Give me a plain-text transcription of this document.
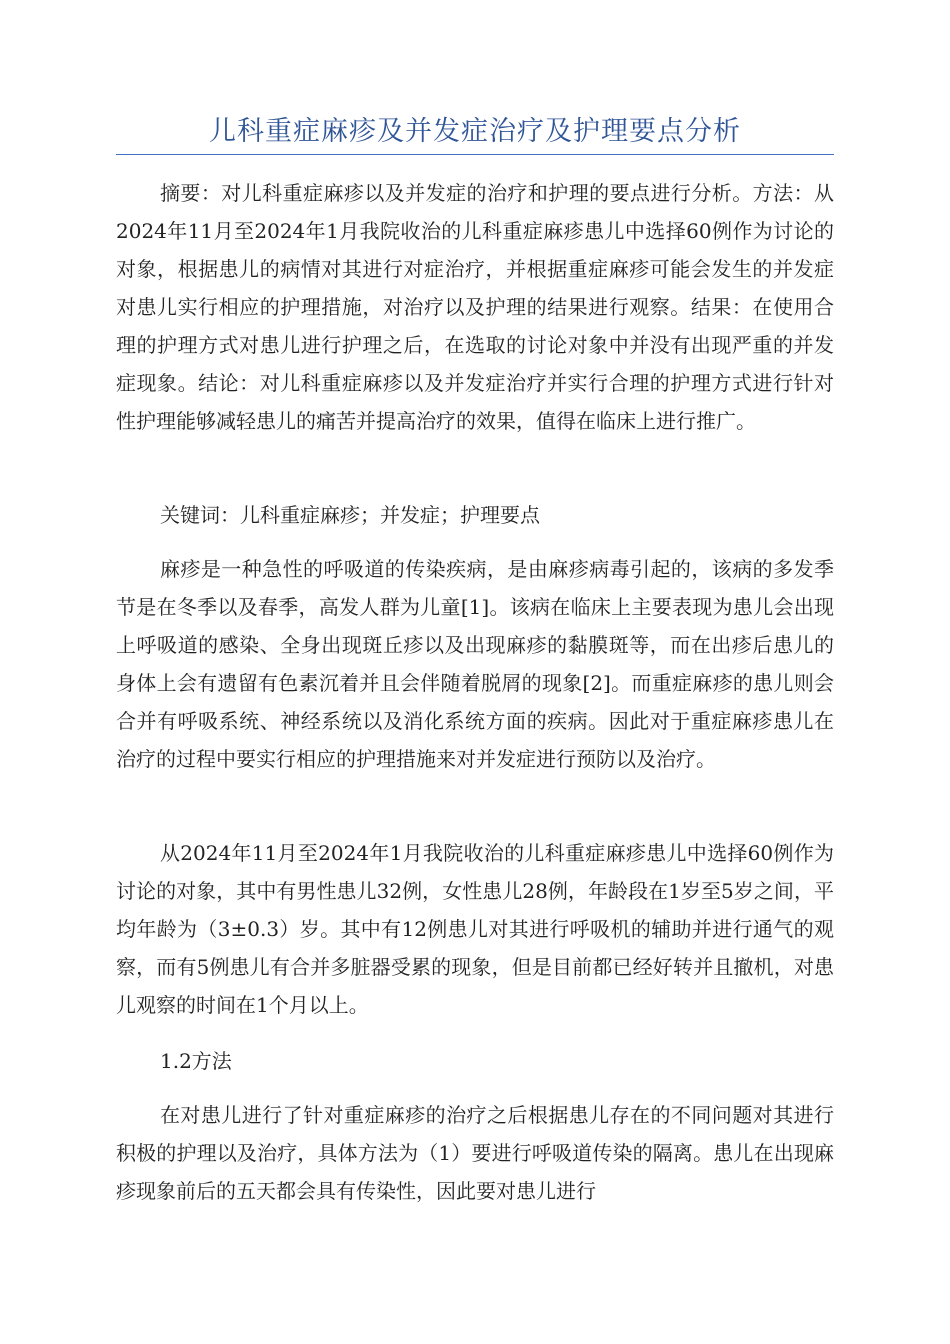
儿科重症麻疹及并发症治疗及护理要点分析

摘要：对儿科重症麻疹以及并发症的治疗和护理的要点进行分析。方法：从2024年11月至2024年1月我院收治的儿科重症麻疹患儿中选择60例作为讨论的对象，根据患儿的病情对其进行对症治疗，并根据重症麻疹可能会发生的并发症对患儿实行相应的护理措施，对治疗以及护理的结果进行观察。结果：在使用合理的护理方式对患儿进行护理之后，在选取的讨论对象中并没有出现严重的并发症现象。结论：对儿科重症麻疹以及并发症治疗并实行合理的护理方式进行针对性护理能够减轻患儿的痛苦并提高治疗的效果，值得在临床上进行推广。

关键词：儿科重症麻疹；并发症；护理要点

麻疹是一种急性的呼吸道的传染疾病，是由麻疹病毒引起的，该病的多发季节是在冬季以及春季，高发人群为儿童[1]。该病在临床上主要表现为患儿会出现上呼吸道的感染、全身出现斑丘疹以及出现麻疹的黏膜斑等，而在出疹后患儿的身体上会有遗留有色素沉着并且会伴随着脱屑的现象[2]。而重症麻疹的患儿则会合并有呼吸系统、神经系统以及消化系统方面的疾病。因此对于重症麻疹患儿在治疗的过程中要实行相应的护理措施来对并发症进行预防以及治疗。

从2024年11月至2024年1月我院收治的儿科重症麻疹患儿中选择60例作为讨论的对象，其中有男性患儿32例，女性患儿28例，年龄段在1岁至5岁之间，平均年龄为（3±0.3）岁。其中有12例患儿对其进行呼吸机的辅助并进行通气的观察，而有5例患儿有合并多脏器受累的现象，但是目前都已经好转并且撤机，对患儿观察的时间在1个月以上。

1.2方法

在对患儿进行了针对重症麻疹的治疗之后根据患儿存在的不同问题对其进行积极的护理以及治疗，具体方法为（1）要进行呼吸道传染的隔离。患儿在出现麻疹现象前后的五天都会具有传染性，因此要对患儿进行
